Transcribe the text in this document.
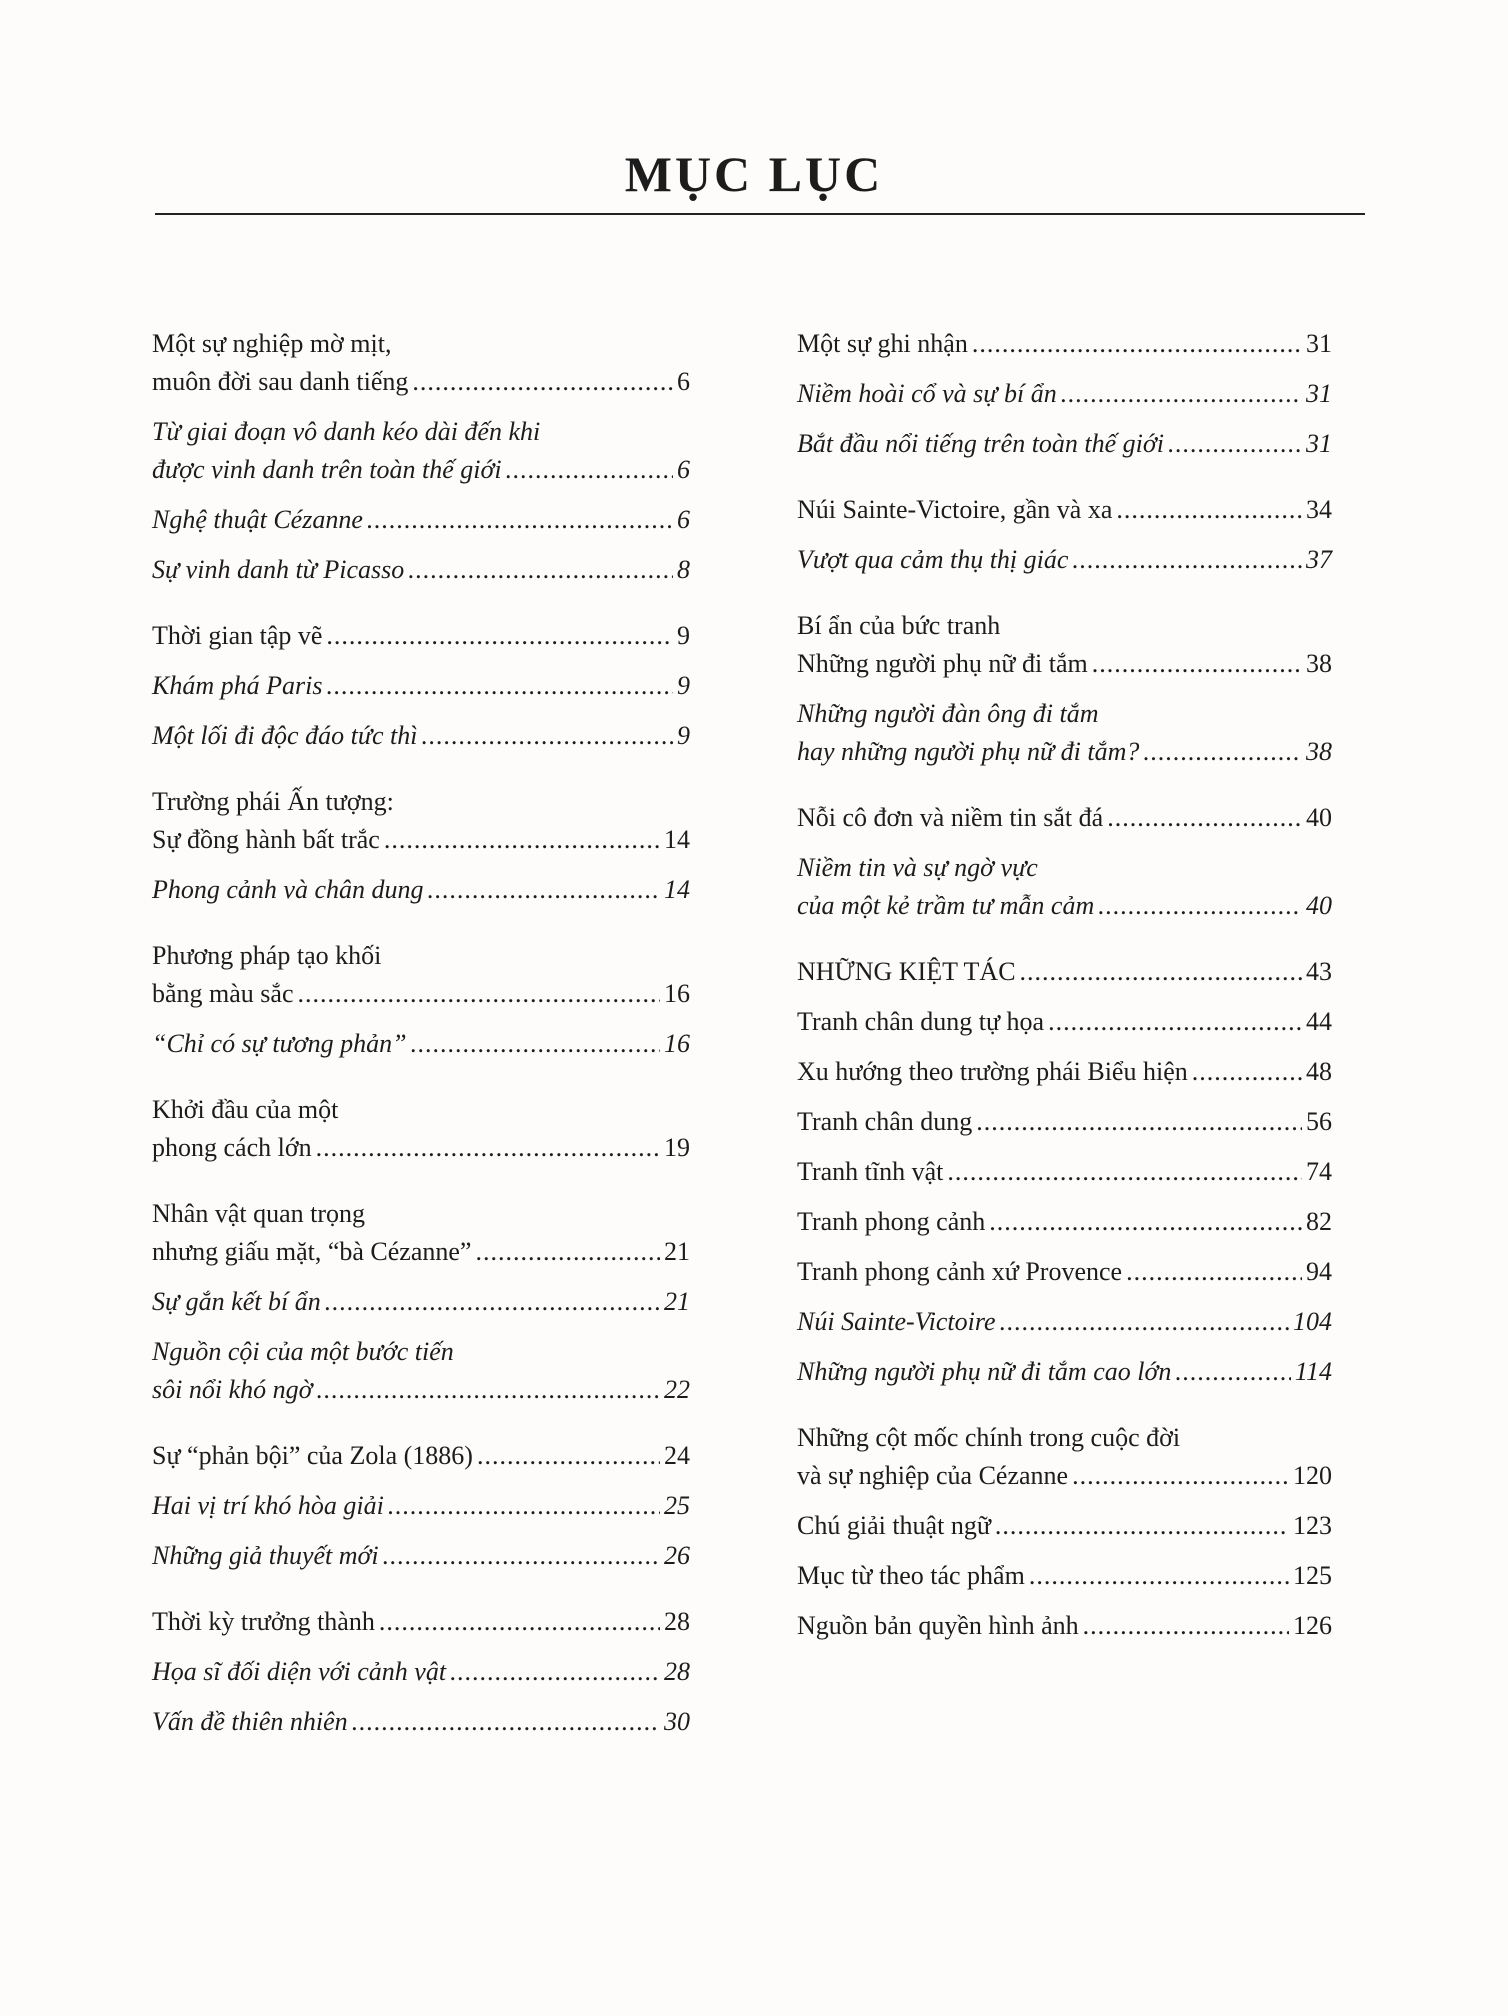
MỤC LỤC
Một sự nghiệp mờ mịt,
muôn đời sau danh tiếng .....	6
Từ giai đoạn vô danh kéo dài đến khi
được vinh danh trên toàn thế giới .....	6
Nghệ thuật Cézanne .....	6
Sự vinh danh từ Picasso .....	8
Thời gian tập vẽ .....	9
Khám phá Paris .....	9
Một lối đi độc đáo tức thì .....	9
Trường phái Ấn tượng:
Sự đồng hành bất trắc .....	14
Phong cảnh và chân dung .....	14
Phương pháp tạo khối
bằng màu sắc .....	16
“Chỉ có sự tương phản” .....	16
Khởi đầu của một
phong cách lớn .....	19
Nhân vật quan trọng
nhưng giấu mặt, “bà Cézanne” .....	21
Sự gắn kết bí ẩn .....	21
Nguồn cội của một bước tiến
sôi nổi khó ngờ .....	22
Sự “phản bội” của Zola (1886) .....	24
Hai vị trí khó hòa giải .....	25
Những giả thuyết mới .....	26
Thời kỳ trưởng thành .....	28
Họa sĩ đối diện với cảnh vật .....	28
Vấn đề thiên nhiên .....	30
Một sự ghi nhận .....	31
Niềm hoài cổ và sự bí ẩn .....	31
Bắt đầu nổi tiếng trên toàn thế giới .....	31
Núi Sainte-Victoire, gần và xa .....	34
Vượt qua cảm thụ thị giác .....	37
Bí ẩn của bức tranh
Những người phụ nữ đi tắm .....	38
Những người đàn ông đi tắm
hay những người phụ nữ đi tắm? .....	38
Nỗi cô đơn và niềm tin sắt đá .....	40
Niềm tin và sự ngờ vực
của một kẻ trầm tư mẫn cảm .....	40
NHỮNG KIỆT TÁC .....	43
Tranh chân dung tự họa .....	44
Xu hướng theo trường phái Biểu hiện .....	48
Tranh chân dung .....	56
Tranh tĩnh vật .....	74
Tranh phong cảnh .....	82
Tranh phong cảnh xứ Provence .....	94
Núi Sainte-Victoire .....	104
Những người phụ nữ đi tắm cao lớn .....	114
Những cột mốc chính trong cuộc đời
và sự nghiệp của Cézanne .....	120
Chú giải thuật ngữ .....	123
Mục từ theo tác phẩm .....	125
Nguồn bản quyền hình ảnh .....	126
